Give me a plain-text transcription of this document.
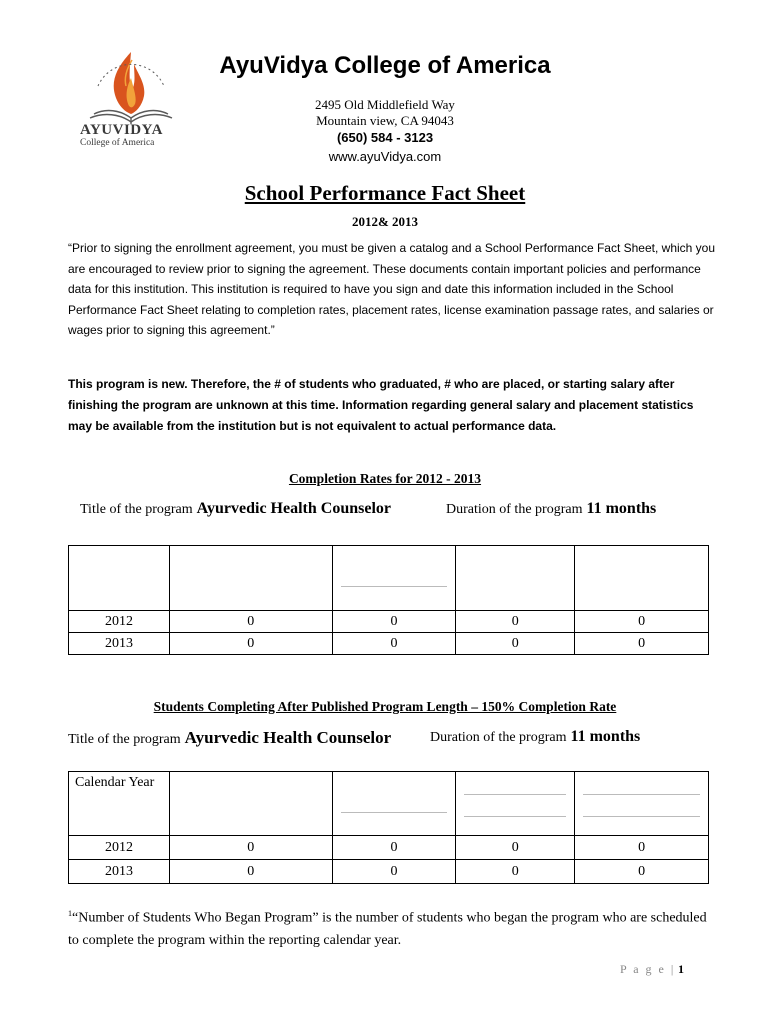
AYUVIDYA
College of America
AyuVidya College of America
2495 Old Middlefield Way
Mountain view, CA 94043
(650) 584 - 3123
www.ayuVidya.com
School Performance Fact Sheet
2012& 2013
“Prior to signing the enrollment agreement, you must be given a catalog and a School Performance Fact Sheet, which you are encouraged to review prior to signing the agreement. These documents contain important policies and performance data for this institution. This institution is required to have you sign and date this information included in the School Performance Fact Sheet relating to completion rates, placement rates, license examination passage rates, and salaries or wages prior to signing this agreement.”
This program is new. Therefore, the # of students who graduated, # who are placed, or starting salary after finishing the program are unknown at this time. Information regarding general salary and placement statistics may be available from the institution but is not equivalent to actual performance data.
Completion Rates for 2012 - 2013
Title of the program Ayurvedic Health Counselor	Duration of the program 11 months

2012	0	0	0	0
2013	0	0	0	0
Students Completing After Published Program Length – 150% Completion Rate
Title of the program Ayurvedic Health Counselor	Duration of the program 11 months
Calendar Year		

2012	0	0	0	0
2013	0	0	0	0
$^1$“Number of Students Who Began Program” is the number of students who began the program who are scheduled to complete the program within the reporting calendar year.
P a g e | 1
